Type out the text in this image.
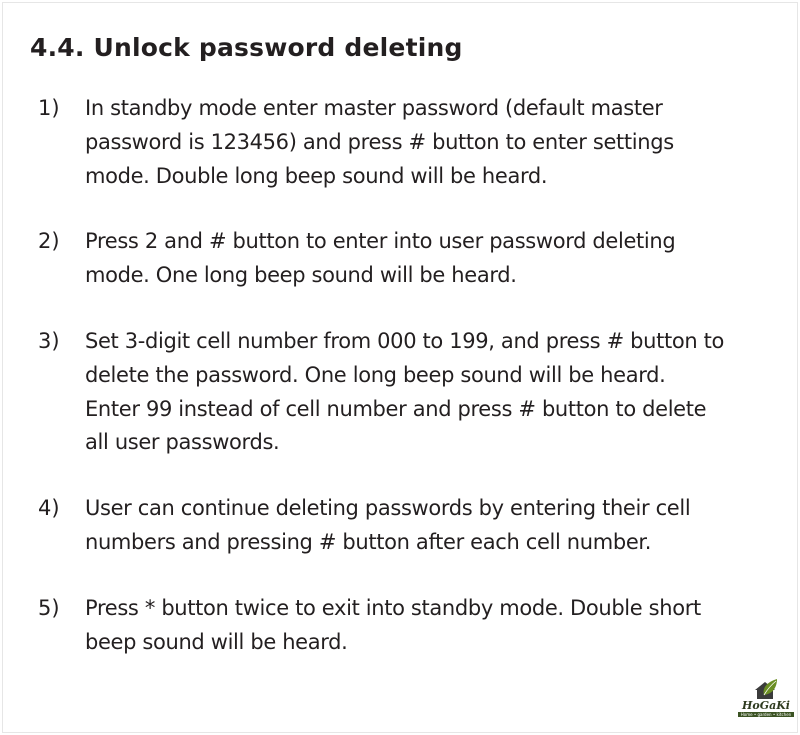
4.4. Unlock password deleting
1)	In standby mode enter master password (default master password is 123456) and press # button to enter settings mode. Double long beep sound will be heard.
2)	Press 2 and # button to enter into user password deleting mode. One long beep sound will be heard.
3)	Set 3-digit cell number from 000 to 199, and press # button to delete the password. One long beep sound will be heard. Enter 99 instead of cell number and press # button to delete all user passwords.
4)	User can continue deleting passwords by entering their cell numbers and pressing # button after each cell number.
5)	Press * button twice to exit into standby mode. Double short beep sound will be heard.
HoGaKi
Home • garden • kitchen
